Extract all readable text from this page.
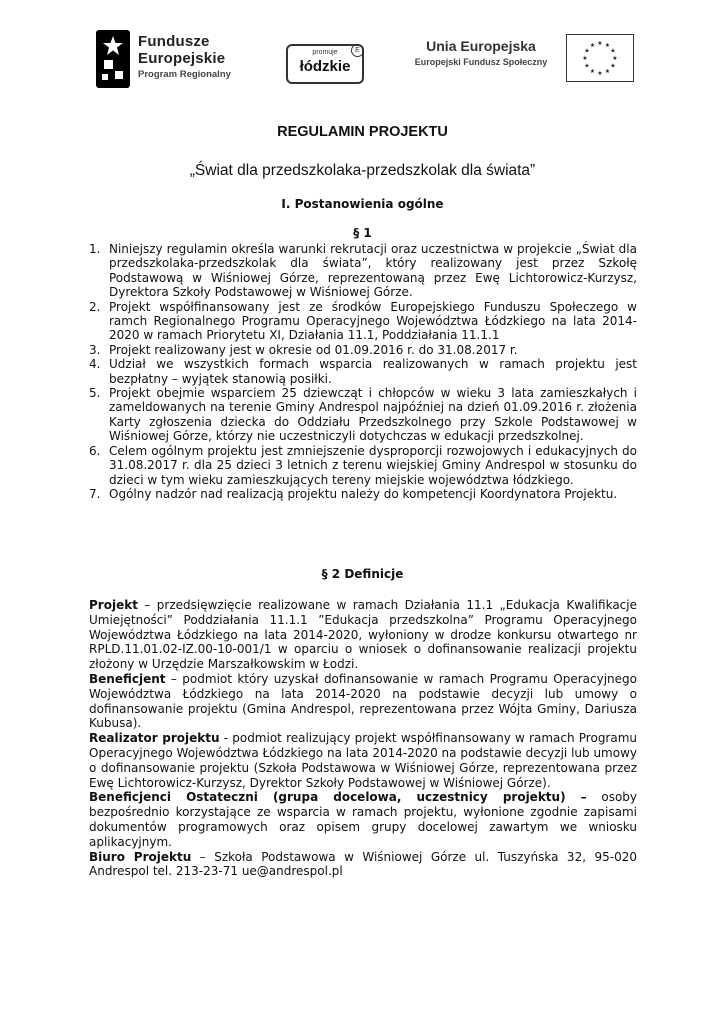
Fundusze
Europejskie
Program Regionalny
promuje
łódzkie
E	Unia Europejska
Europejski Fundusz Społeczny
★ ★
★
★
★
★
★
★
★
★
★
★
REGULAMIN PROJEKTU
„Świat dla przedszkolaka-przedszkolak dla świata”
I. Postanowienia ogólne
§ 1
1. Niniejszy regulamin określa warunki rekrutacji oraz uczestnictwa w projekcie „Świat dla przedszkolaka-przedszkolak dla świata”, który realizowany jest przez Szkołę Podstawową w Wiśniowej Górze, reprezentowaną przez Ewę Lichtorowicz-Kurzysz, Dyrektora Szkoły Podstawowej w Wiśniowej Górze.
2. Projekt współfinansowany jest ze środków Europejskiego Funduszu Społeczego w ramch Regionalnego Programu Operacyjnego Województwa Łódzkiego na lata 2014-2020 w ramach Priorytetu XI, Działania 11.1, Poddziałania 11.1.1
3. Projekt realizowany jest w okresie od 01.09.2016 r. do 31.08.2017 r.
4. Udział we wszystkich formach wsparcia realizowanych w ramach projektu jest bezpłatny – wyjątek stanowią posiłki.
5. Projekt obejmie wsparciem 25 dziewcząt i chłopców w wieku 3 lata zamieszkałych i zameldowanych na terenie Gminy Andrespol najpóźniej na dzień 01.09.2016 r. złożenia Karty zgłoszenia dziecka do Oddziału Przedszkolnego przy Szkole Podstawowej w Wiśniowej Górze, którzy nie uczestniczyli dotychczas w edukacji przedszkolnej.
6. Celem ogólnym projektu jest zmniejszenie dysproporcji rozwojowych i edukacyjnych do 31.08.2017 r. dla 25 dzieci 3 letnich z terenu wiejskiej Gminy Andrespol w stosunku do dzieci w tym wieku zamieszkujących tereny miejskie województwa łódzkiego.
7. Ogólny nadzór nad realizacją projektu należy do kompetencji Koordynatora Projektu.
§ 2 Definicje

Projekt – przedsięwzięcie realizowane w ramach Działania 11.1 „Edukacja Kwalifikacje Umiejętności” Poddziałania 11.1.1 ”Edukacja przedszkolna” Programu Operacyjnego Województwa Łódzkiego na lata 2014-2020, wyłoniony w drodze konkursu otwartego nr RPLD.11.01.02-IZ.00-10-001/1 w oparciu o wniosek o dofinansowanie realizacji projektu złożony w Urzędzie Marszałkowskim w Łodzi.

Beneficjent – podmiot który uzyskał dofinansowanie w ramach Programu Operacyjnego Województwa Łódzkiego na lata 2014-2020 na podstawie decyzji lub umowy o dofinansowanie projektu (Gmina Andrespol, reprezentowana przez Wójta Gminy, Dariusza Kubusa).

Realizator projektu - podmiot realizujący projekt współfinansowany w ramach Programu Operacyjnego Województwa Łódzkiego na lata 2014-2020 na podstawie decyzji lub umowy o dofinansowanie projektu (Szkoła Podstawowa w Wiśniowej Górze, reprezentowana przez Ewę Lichtorowicz-Kurzysz, Dyrektor Szkoły Podstawowej w Wiśniowej Górze).

Beneficjenci Ostateczni (grupa docelowa, uczestnicy projektu) – osoby bezpośrednio korzystające ze wsparcia w ramach projektu, wyłonione zgodnie zapisami dokumentów programowych oraz opisem grupy docelowej zawartym we wniosku aplikacyjnym.

Biuro Projektu – Szkoła Podstawowa w Wiśniowej Górze ul. Tuszyńska 32, 95-020 Andrespol tel. 213-23-71 ue@andrespol.pl
